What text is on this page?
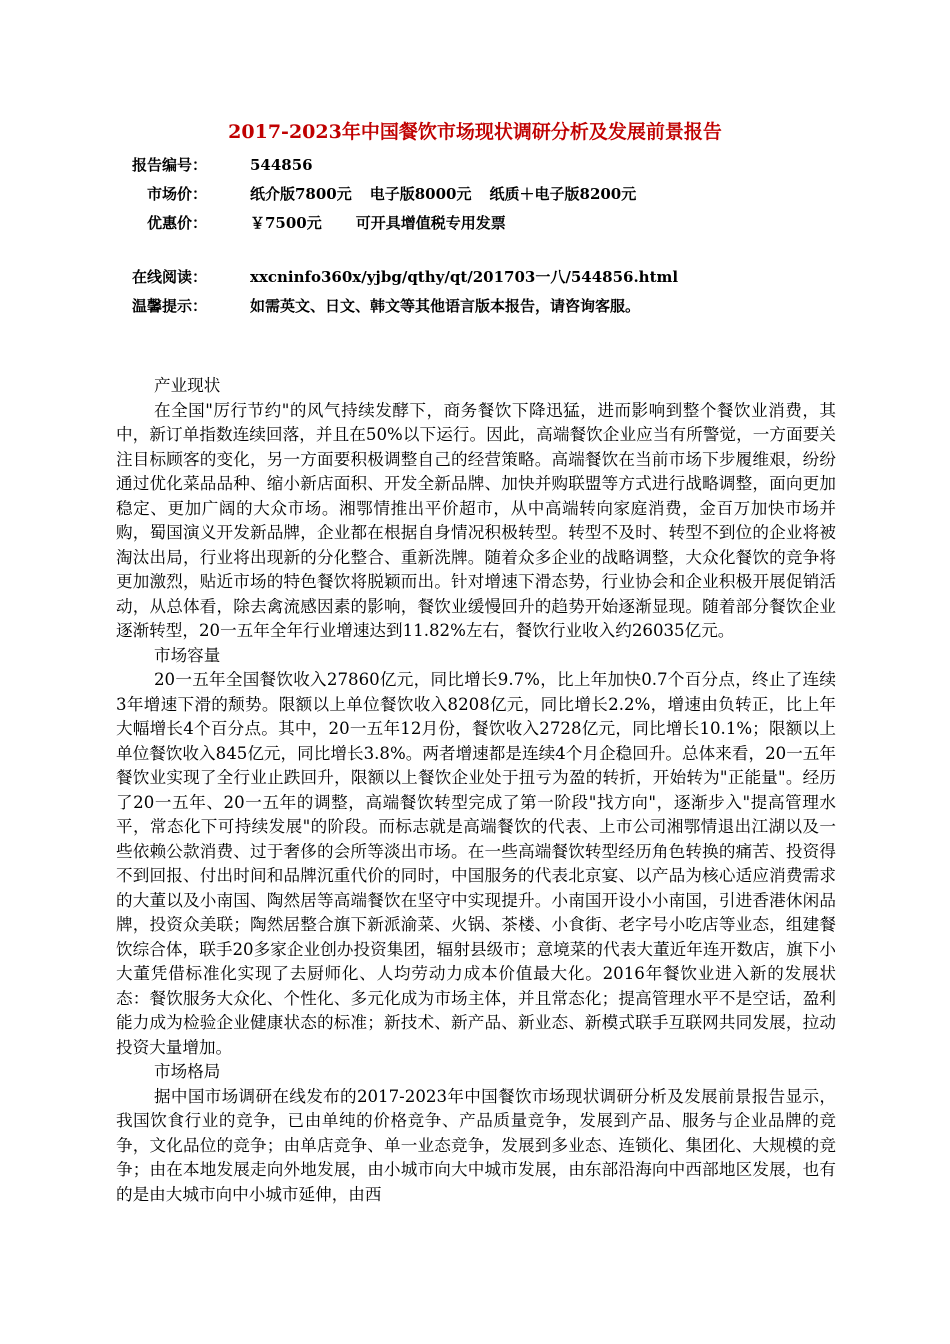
2017-2023年中国餐饮市场现状调研分析及发展前景报告
报告编号：	544856
市场价：	纸介版7800元 电子版8000元 纸质＋电子版8200元
优惠价：	￥7500元 可开具增值税专用发票
在线阅读：	xxcninfo360x/yjbg/qthy/qt/201703一八/544856.html
温馨提示：	如需英文、日文、韩文等其他语言版本报告，请咨询客服。
产业现状

在全国"厉行节约"的风气持续发酵下，商务餐饮下降迅猛，进而影响到整个餐饮业消费，其中，新订单指数连续回落，并且在50%以下运行。因此，高端餐饮企业应当有所警觉，一方面要关注目标顾客的变化，另一方面要积极调整自己的经营策略。高端餐饮在当前市场下步履维艰，纷纷通过优化菜品品种、缩小新店面积、开发全新品牌、加快并购联盟等方式进行战略调整，面向更加稳定、更加广阔的大众市场。湘鄂情推出平价超市，从中高端转向家庭消费，金百万加快市场并购，蜀国演义开发新品牌，企业都在根据自身情况积极转型。转型不及时、转型不到位的企业将被淘汰出局，行业将出现新的分化整合、重新洗牌。随着众多企业的战略调整，大众化餐饮的竞争将更加激烈，贴近市场的特色餐饮将脱颖而出。针对增速下滑态势，行业协会和企业积极开展促销活动，从总体看，除去禽流感因素的影响，餐饮业缓慢回升的趋势开始逐渐显现。随着部分餐饮企业逐渐转型，20一五年全年行业增速达到11.82%左右，餐饮行业收入约26035亿元。

市场容量

20一五年全国餐饮收入27860亿元，同比增长9.7%，比上年加快0.7个百分点，终止了连续3年增速下滑的颓势。限额以上单位餐饮收入8208亿元，同比增长2.2%，增速由负转正，比上年大幅增长4个百分点。其中，20一五年12月份，餐饮收入2728亿元，同比增长10.1%；限额以上单位餐饮收入845亿元，同比增长3.8%。两者增速都是连续4个月企稳回升。总体来看，20一五年餐饮业实现了全行业止跌回升，限额以上餐饮企业处于扭亏为盈的转折，开始转为"正能量"。经历了20一五年、20一五年的调整，高端餐饮转型完成了第一阶段"找方向"，逐渐步入"提高管理水平，常态化下可持续发展"的阶段。而标志就是高端餐饮的代表、上市公司湘鄂情退出江湖以及一些依赖公款消费、过于奢侈的会所等淡出市场。在一些高端餐饮转型经历角色转换的痛苦、投资得不到回报、付出时间和品牌沉重代价的同时，中国服务的代表北京宴、以产品为核心适应消费需求的大董以及小南国、陶然居等高端餐饮在坚守中实现提升。小南国开设小小南国，引进香港休闲品牌，投资众美联；陶然居整合旗下新派渝菜、火锅、茶楼、小食街、老字号小吃店等业态，组建餐饮综合体，联手20多家企业创办投资集团，辐射县级市；意境菜的代表大董近年连开数店，旗下小大董凭借标准化实现了去厨师化、人均劳动力成本价值最大化。2016年餐饮业进入新的发展状态：餐饮服务大众化、个性化、多元化成为市场主体，并且常态化；提高管理水平不是空话，盈利能力成为检验企业健康状态的标准；新技术、新产品、新业态、新模式联手互联网共同发展，拉动投资大量增加。

市场格局

据中国市场调研在线发布的2017-2023年中国餐饮市场现状调研分析及发展前景报告显示，我国饮食行业的竞争，已由单纯的价格竞争、产品质量竞争，发展到产品、服务与企业品牌的竞争，文化品位的竞争；由单店竞争、单一业态竞争，发展到多业态、连锁化、集团化、大规模的竞争；由在本地发展走向外地发展，由小城市向大中城市发展，由东部沿海向中西部地区发展，也有的是由大城市向中小城市延伸，由西
